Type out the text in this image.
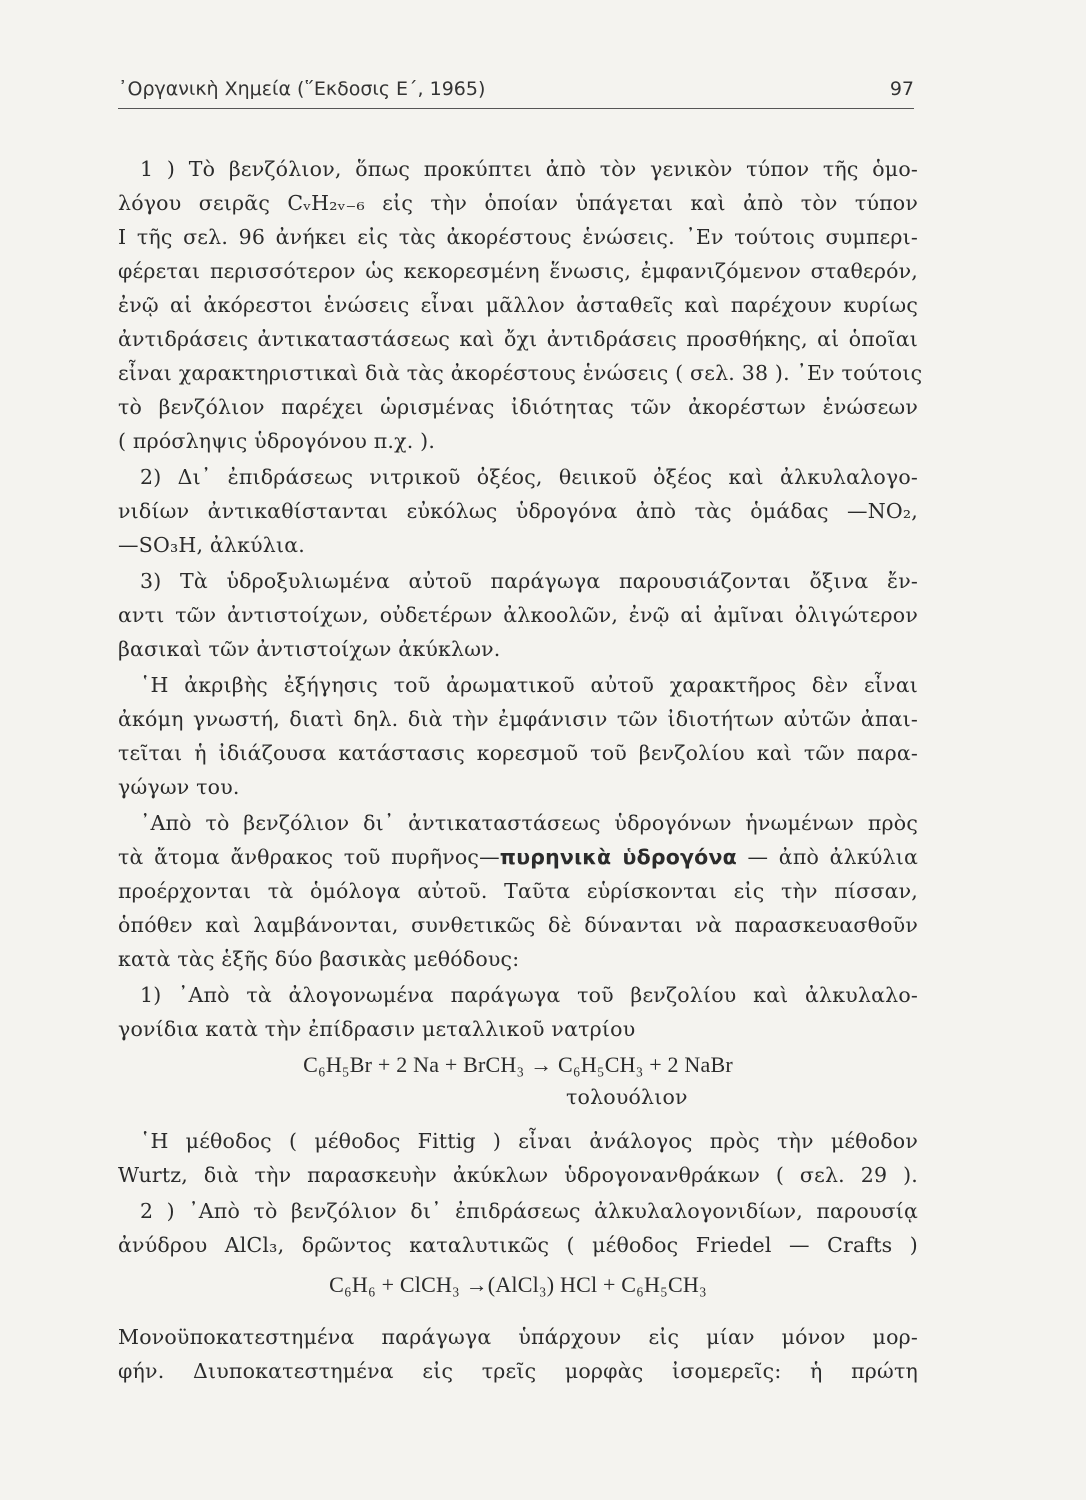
᾽Οργανικὴ Χημεία (῞Εκδοσις Ε΄, 1965)	97
1 ) Τὸ βενζόλιον, ὅπως προκύπτει ἀπὸ τὸν γενικὸν τύπον τῆς ὁμο-
λόγου σειρᾶς CᵥH₂ᵥ₋₆ εἰς τὴν ὁποίαν ὑπάγεται καὶ ἀπὸ τὸν τύπον
I τῆς σελ. 96 ἀνήκει εἰς τὰς ἀκορέστους ἑνώσεις. ᾽Εν τούτοις συμπερι-
φέρεται περισσότερον ὡς κεκορεσμένη ἕνωσις, ἐμφανιζόμενον σταθερόν,
ἐνῷ αἱ ἀκόρεστοι ἑνώσεις εἶναι μᾶλλον ἀσταθεῖς καὶ παρέχουν κυρίως
ἀντιδράσεις ἀντικαταστάσεως καὶ ὄχι ἀντιδράσεις προσθήκης, αἱ ὁποῖαι
εἶναι χαρακτηριστικαὶ διὰ τὰς ἀκορέστους ἑνώσεις ( σελ. 38 ). ᾽Εν τούτοις
τὸ βενζόλιον παρέχει ὡρισμένας ἰδιότητας τῶν ἀκορέστων ἑνώσεων
( πρόσληψις ὑδρογόνου π.χ. ).
2) Δι᾽ ἐπιδράσεως νιτρικοῦ ὀξέος, θειικοῦ ὀξέος καὶ ἀλκυλαλογο-
νιδίων ἀντικαθίστανται εὐκόλως ὑδρογόνα ἀπὸ τὰς ὁμάδας —NO₂,
—SO₃H, ἀλκύλια.
3) Τὰ ὑδροξυλιωμένα αὐτοῦ παράγωγα παρουσιάζονται ὄξινα ἔν-
αντι τῶν ἀντιστοίχων, οὐδετέρων ἀλκοολῶν, ἐνῷ αἱ ἀμῖναι ὀλιγώτερον
βασικαὶ τῶν ἀντιστοίχων ἀκύκλων.
῾Η ἀκριβὴς ἐξήγησις τοῦ ἀρωματικοῦ αὐτοῦ χαρακτῆρος δὲν εἶναι
ἀκόμη γνωστή, διατὶ δηλ. διὰ τὴν ἐμφάνισιν τῶν ἰδιοτήτων αὐτῶν ἀπαι-
τεῖται ἡ ἰδιάζουσα κατάστασις κορεσμοῦ τοῦ βενζολίου καὶ τῶν παρα-
γώγων του.
᾽Απὸ τὸ βενζόλιον δι᾽ ἀντικαταστάσεως ὑδρογόνων ἡνωμένων πρὸς
τὰ ἄτομα ἄνθρακος τοῦ πυρῆνος—πυρηνικὰ ὑδρογόνα — ἀπὸ ἀλκύλια
προέρχονται τὰ ὁμόλογα αὐτοῦ. Ταῦτα εὑρίσκονται εἰς τὴν πίσσαν,
ὁπόθεν καὶ λαμβάνονται, συνθετικῶς δὲ δύνανται νὰ παρασκευασθοῦν
κατὰ τὰς ἑξῆς δύο βασικὰς μεθόδους:
1) ᾽Απὸ τὰ ἀλογονωμένα παράγωγα τοῦ βενζολίου καὶ ἀλκυλαλο-
γονίδια κατὰ τὴν ἐπίδρασιν μεταλλικοῦ νατρίου
C₆H₅Br + 2 Na + BrCH₃ → C₆H₅CH₃ + 2 NaBr
τολουόλιον
῾Η μέθοδος ( μέθοδος Fittig ) εἶναι ἀνάλογος πρὸς τὴν μέθοδον
Wurtz, διὰ τὴν παρασκευὴν ἀκύκλων ὑδρογονανθράκων ( σελ. 29 ).
2 ) ᾽Απὸ τὸ βενζόλιον δι᾽ ἐπιδράσεως ἀλκυλαλογονιδίων, παρουσίᾳ
ἀνύδρου AlCl₃, δρῶντος καταλυτικῶς ( μέθοδος Friedel — Crafts )
C₆H₆ + ClCH₃ →(AlCl₃) HCl + C₆H₅CH₃
Μονοϋποκατεστημένα παράγωγα ὑπάρχουν εἰς μίαν μόνον μορ-
φήν. Διυποκατεστημένα εἰς τρεῖς μορφὰς ἰσομερεῖς: ἡ πρώτη
